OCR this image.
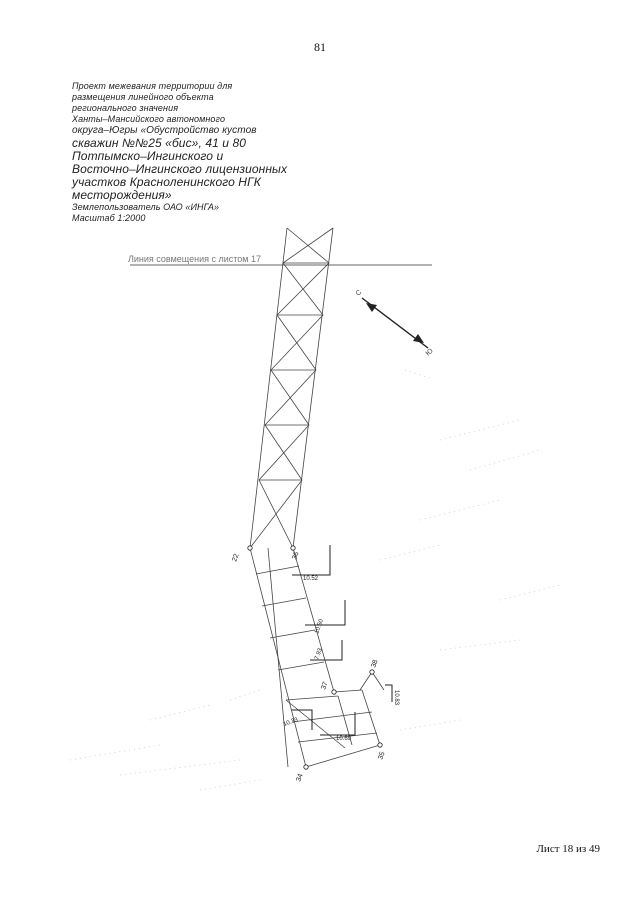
81
Проект межевания территории для
размещения линейного объекта
регионального значения
Ханты–Мансийского автономного
округа–Югры «Обустройство кустов
скважин №№25 «бис», 41 и 80
Потпымско–Ингинского и
Восточно–Ингинского лицензионных
участков Красноленинского НГК
месторождения»
Землепользователь ОАО «ИНГА»
Масштаб 1:2000
Линия совмещения с листом 17
С
Ю
10.52
10.50
7.93
10.33
10.69
10.83
22	36
37
38
35
34
Лист 18 из 49
